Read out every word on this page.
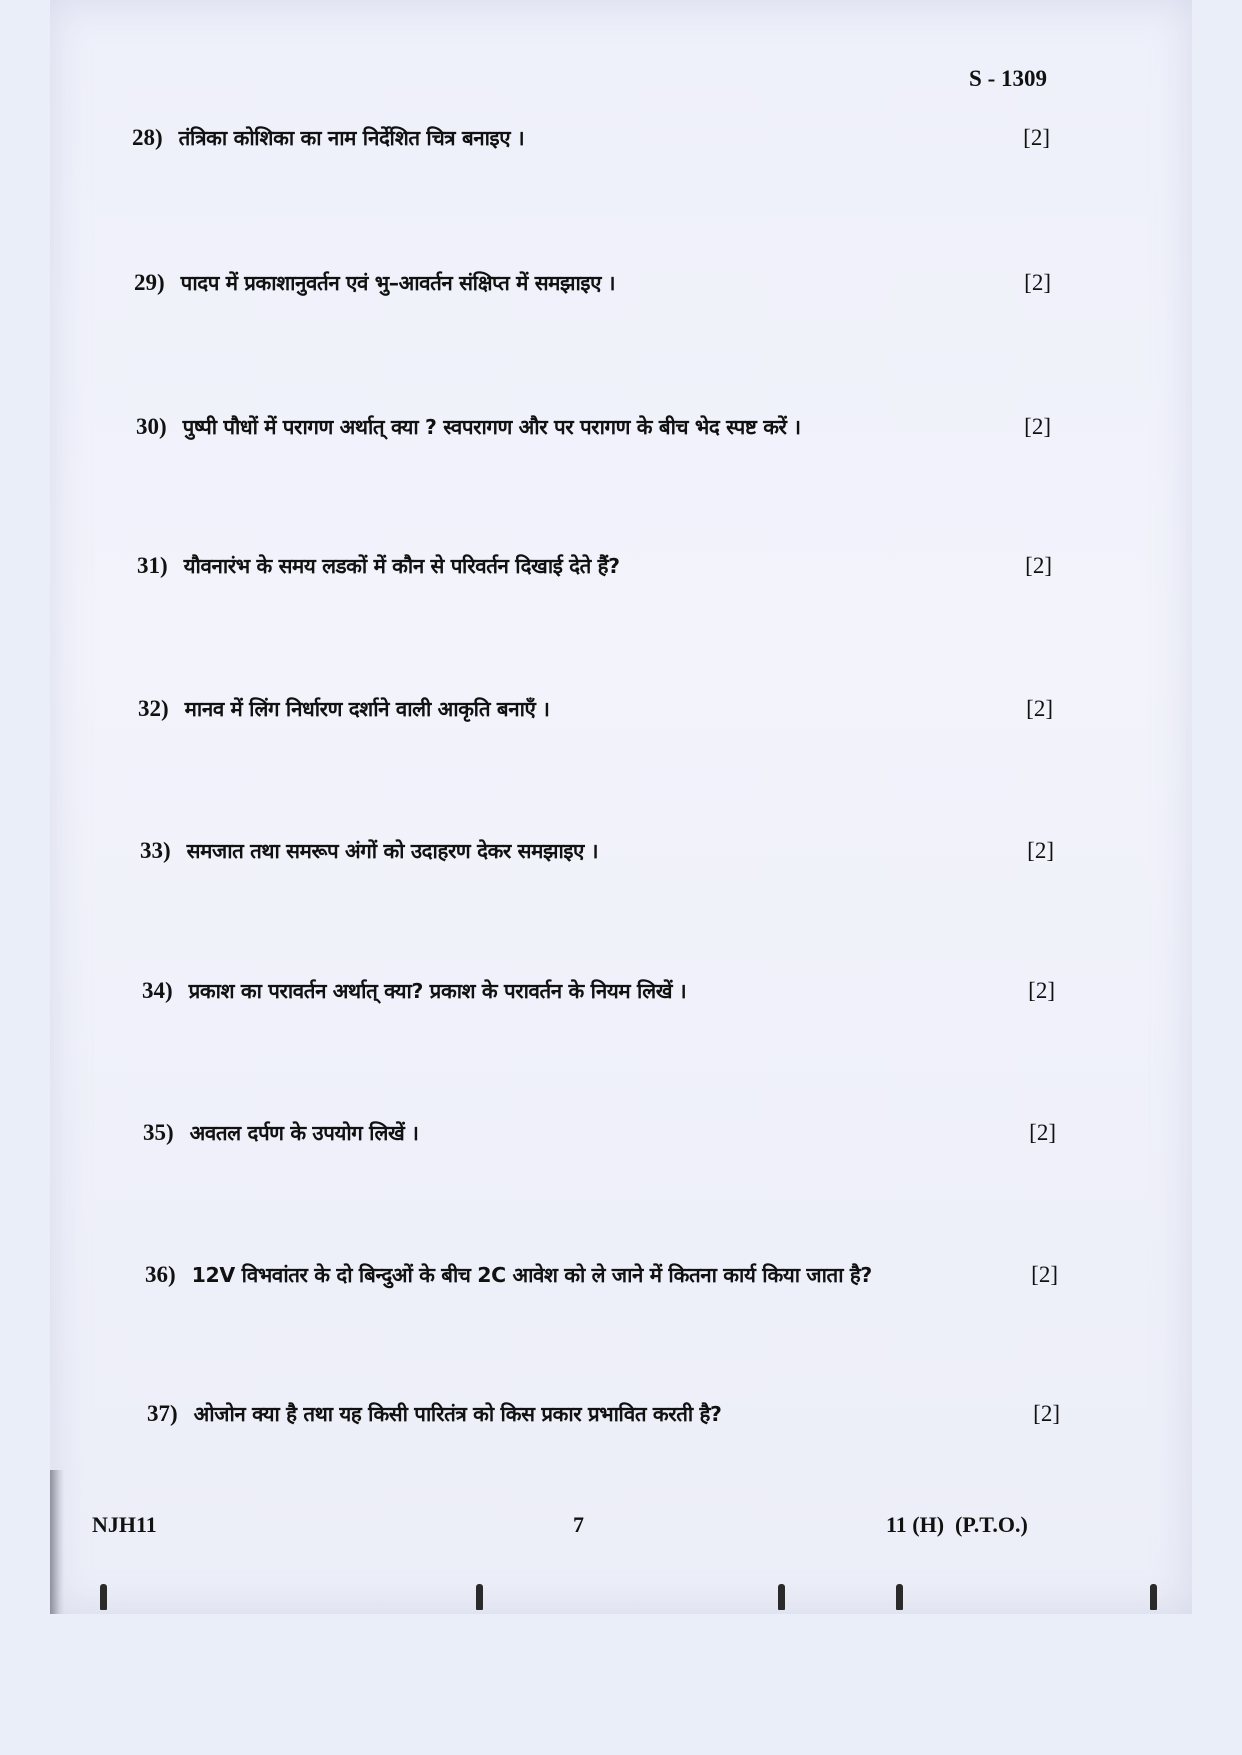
S - 1309
28) तंत्रिका कोशिका का नाम निर्देशित चित्र बनाइए ।	[2]
29) पादप में प्रकाशानुवर्तन एवं भु–आवर्तन संक्षिप्त में समझाइए ।	[2]
30) पुष्पी पौधों में परागण अर्थात् क्या ? स्वपरागण और पर परागण के बीच भेद स्पष्ट करें ।	[2]
31) यौवनारंभ के समय लडकों में कौन से परिवर्तन दिखाई देते हैं?	[2]
32) मानव में लिंग निर्धारण दर्शाने वाली आकृति बनाएँ ।	[2]
33) समजात तथा समरूप अंगों को उदाहरण देकर समझाइए ।	[2]
34) प्रकाश का परावर्तन अर्थात् क्या? प्रकाश के परावर्तन के नियम लिखें ।	[2]
35) अवतल दर्पण के उपयोग लिखें ।	[2]
36) 12V विभवांतर के दो बिन्दुओं के बीच 2C आवेश को ले जाने में कितना कार्य किया जाता है?	[2]
37) ओजोन क्या है तथा यह किसी पारितंत्र को किस प्रकार प्रभावित करती है?	[2]
NJH11	7	11 (H)  (P.T.O.)
